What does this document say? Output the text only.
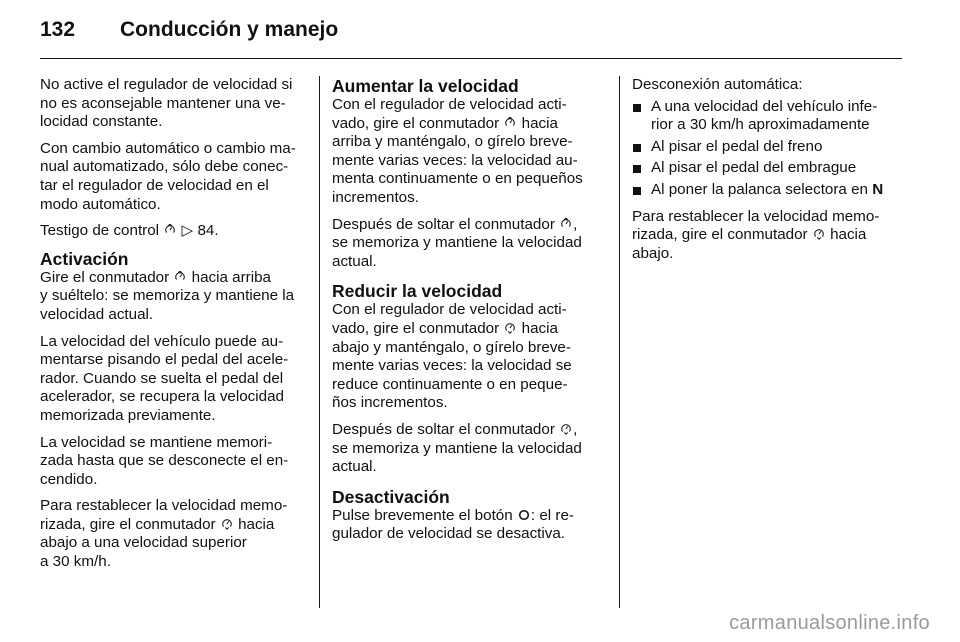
132 Conducción y manejo
No active el regulador de velocidad si
no es aconsejable mantener una ve-
locidad constante.
Con cambio automático o cambio ma-
nual automatizado, sólo debe conec-
tar el regulador de velocidad en el
modo automático.
Testigo de control ▷ 84.
Activación
Gire el conmutador hacia arriba
y suéltelo: se memoriza y mantiene la
velocidad actual.
La velocidad del vehículo puede au-
mentarse pisando el pedal del acele-
rador. Cuando se suelta el pedal del
acelerador, se recupera la velocidad
memorizada previamente.
La velocidad se mantiene memori-
zada hasta que se desconecte el en-
cendido.
Para restablecer la velocidad memo-
rizada, gire el conmutador hacia
abajo a una velocidad superior
a 30 km/h.
Aumentar la velocidad
Con el regulador de velocidad acti-
vado, gire el conmutador hacia
arriba y manténgalo, o gírelo breve-
mente varias veces: la velocidad au-
menta continuamente o en pequeños
incrementos.
Después de soltar el conmutador ,
se memoriza y mantiene la velocidad
actual.
Reducir la velocidad
Con el regulador de velocidad acti-
vado, gire el conmutador hacia
abajo y manténgalo, o gírelo breve-
mente varias veces: la velocidad se
reduce continuamente o en peque-
ños incrementos.
Después de soltar el conmutador ,
se memoriza y mantiene la velocidad
actual.
Desactivación
Pulse brevemente el botón : el re-
gulador de velocidad se desactiva.
Desconexión automática:
A una velocidad del vehículo infe-
rior a 30 km/h aproximadamente
Al pisar el pedal del freno
Al pisar el pedal del embrague
Al poner la palanca selectora en N
Para restablecer la velocidad memo-
rizada, gire el conmutador hacia
abajo.
carmanualsonline.info
